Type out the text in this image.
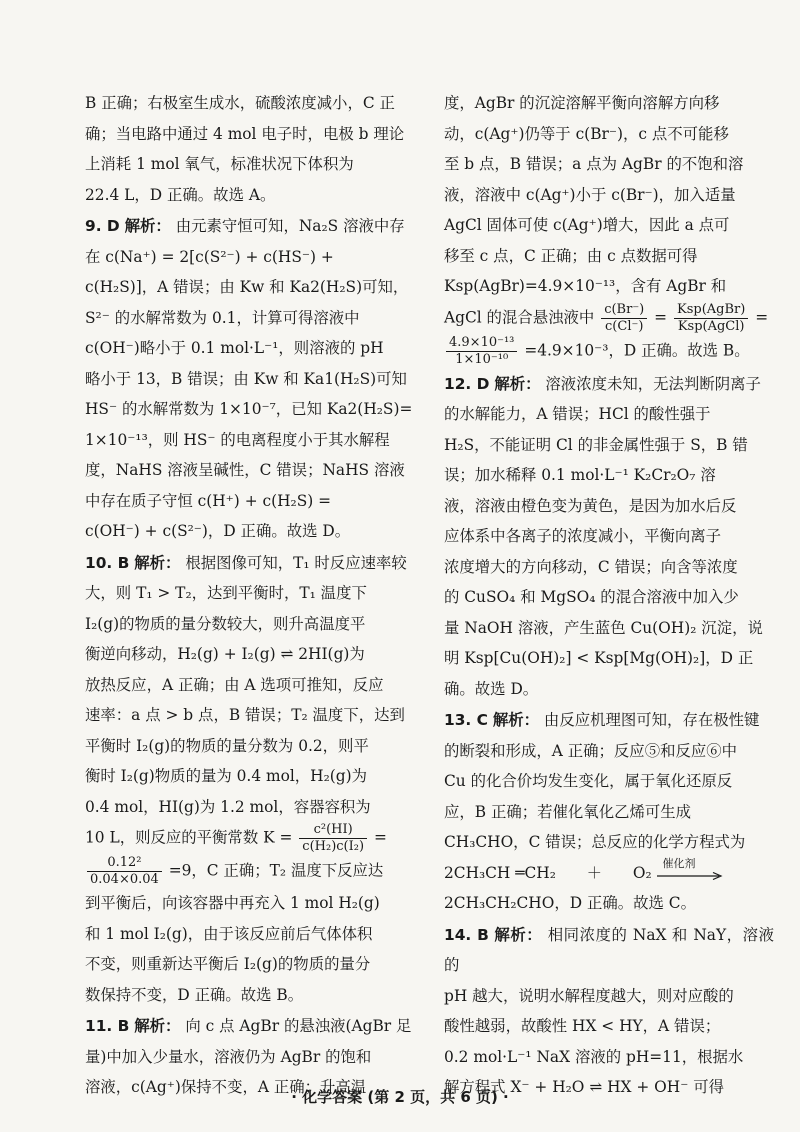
B 正确；右极室生成水，硫酸浓度减小，C 正
确；当电路中通过 4 mol 电子时，电极 b 理论
上消耗 1 mol 氧气，标准状况下体积为
22.4 L，D 正确。故选 A。
9. D 解析： 由元素守恒可知，Na₂S 溶液中存
在 c(Na⁺) = 2[c(S²⁻) + c(HS⁻) +
c(H₂S)]，A 错误；由 Kw 和 Ka2(H₂S)可知，
S²⁻ 的水解常数为 0.1，计算可得溶液中
c(OH⁻)略小于 0.1 mol·L⁻¹，则溶液的 pH
略小于 13，B 错误；由 Kw 和 Ka1(H₂S)可知
HS⁻ 的水解常数为 1×10⁻⁷，已知 Ka2(H₂S)=
1×10⁻¹³，则 HS⁻ 的电离程度小于其水解程
度，NaHS 溶液呈碱性，C 错误；NaHS 溶液
中存在质子守恒 c(H⁺) + c(H₂S) =
c(OH⁻) + c(S²⁻)，D 正确。故选 D。
10. B 解析： 根据图像可知，T₁ 时反应速率较
大，则 T₁ > T₂，达到平衡时，T₁ 温度下
I₂(g)的物质的量分数较大，则升高温度平
衡逆向移动，H₂(g) + I₂(g) ⇌ 2HI(g)为
放热反应，A 正确；由 A 选项可推知，反应
速率：a 点 > b 点，B 错误；T₂ 温度下，达到
平衡时 I₂(g)的物质的量分数为 0.2，则平
衡时 I₂(g)物质的量为 0.4 mol，H₂(g)为
0.4 mol，HI(g)为 1.2 mol，容器容积为
10 L，则反应的平衡常数 $K = \frac{\text{c²(HI)}}{\text{c(H₂)c(I₂)}}$ =
$\frac{\text{0.12²}}{0.04\times 0.04} =9$，C 正确；T₂ 温度下反应达
到平衡后，向该容器中再充入 1 mol H₂(g)
和 1 mol I₂(g)，由于该反应前后气体体积
不变，则重新达平衡后 I₂(g)的物质的量分
数保持不变，D 正确。故选 B。
11. B 解析： 向 c 点 AgBr 的悬浊液(AgBr 足
量)中加入少量水，溶液仍为 AgBr 的饱和
溶液，c(Ag⁺)保持不变，A 正确；升高温
度，AgBr 的沉淀溶解平衡向溶解方向移
动，c(Ag⁺)仍等于 c(Br⁻)，c 点不可能移
至 b 点，B 错误；a 点为 AgBr 的不饱和溶
液，溶液中 c(Ag⁺)小于 c(Br⁻)，加入适量
AgCl 固体可使 c(Ag⁺)增大，因此 a 点可
移至 c 点，C 正确；由 c 点数据可得
Ksp(AgBr)=4.9×10⁻¹³，含有 AgBr 和
AgCl 的混合悬浊液中 $\frac{c(Br^-)}{c(Cl^-)} = \frac{\text{Ksp(AgBr)}}{\text{Ksp(AgCl)}}$ =
$\frac{\text{4.9×10⁻¹³}}{\text{1×10⁻¹⁰}} =4.9\times 10^{-3}$，D 正确。故选 B。
12. D 解析： 溶液浓度未知，无法判断阴离子
的水解能力，A 错误；HCl 的酸性强于
H₂S，不能证明 Cl 的非金属性强于 S，B 错
误；加水稀释 0.1 mol·L⁻¹ K₂Cr₂O₇ 溶
液，溶液由橙色变为黄色，是因为加水后反
应体系中各离子的浓度减小，平衡向离子
浓度增大的方向移动，C 错误；向含等浓度
的 CuSO₄ 和 MgSO₄ 的混合溶液中加入少
量 NaOH 溶液，产生蓝色 Cu(OH)₂ 沉淀，说
明 Ksp[Cu(OH)₂] < Ksp[Mg(OH)₂]，D 正
确。故选 D。
13. C 解析： 由反应机理图可知，存在极性键
的断裂和形成，A 正确；反应⑤和反应⑥中
Cu 的化合价均发生变化，属于氧化还原反
应，B 正确；若催化氧化乙烯可生成
CH₃CHO，C 错误；总反应的化学方程式为
2CH₃CH ═CH₂　　＋　　O₂
催化剂
2CH₃CH₂CHO，D 正确。故选 C。
14. B 解析： 相同浓度的 NaX 和 NaY，溶液的
pH 越大，说明水解程度越大，则对应酸的
酸性越弱，故酸性 HX < HY，A 错误；
0.2 mol·L⁻¹ NaX 溶液的 pH=11，根据水
解方程式 X⁻ + H₂O ⇌ HX + OH⁻ 可得
· 化学答案 (第 2 页，共 6 页) ·
